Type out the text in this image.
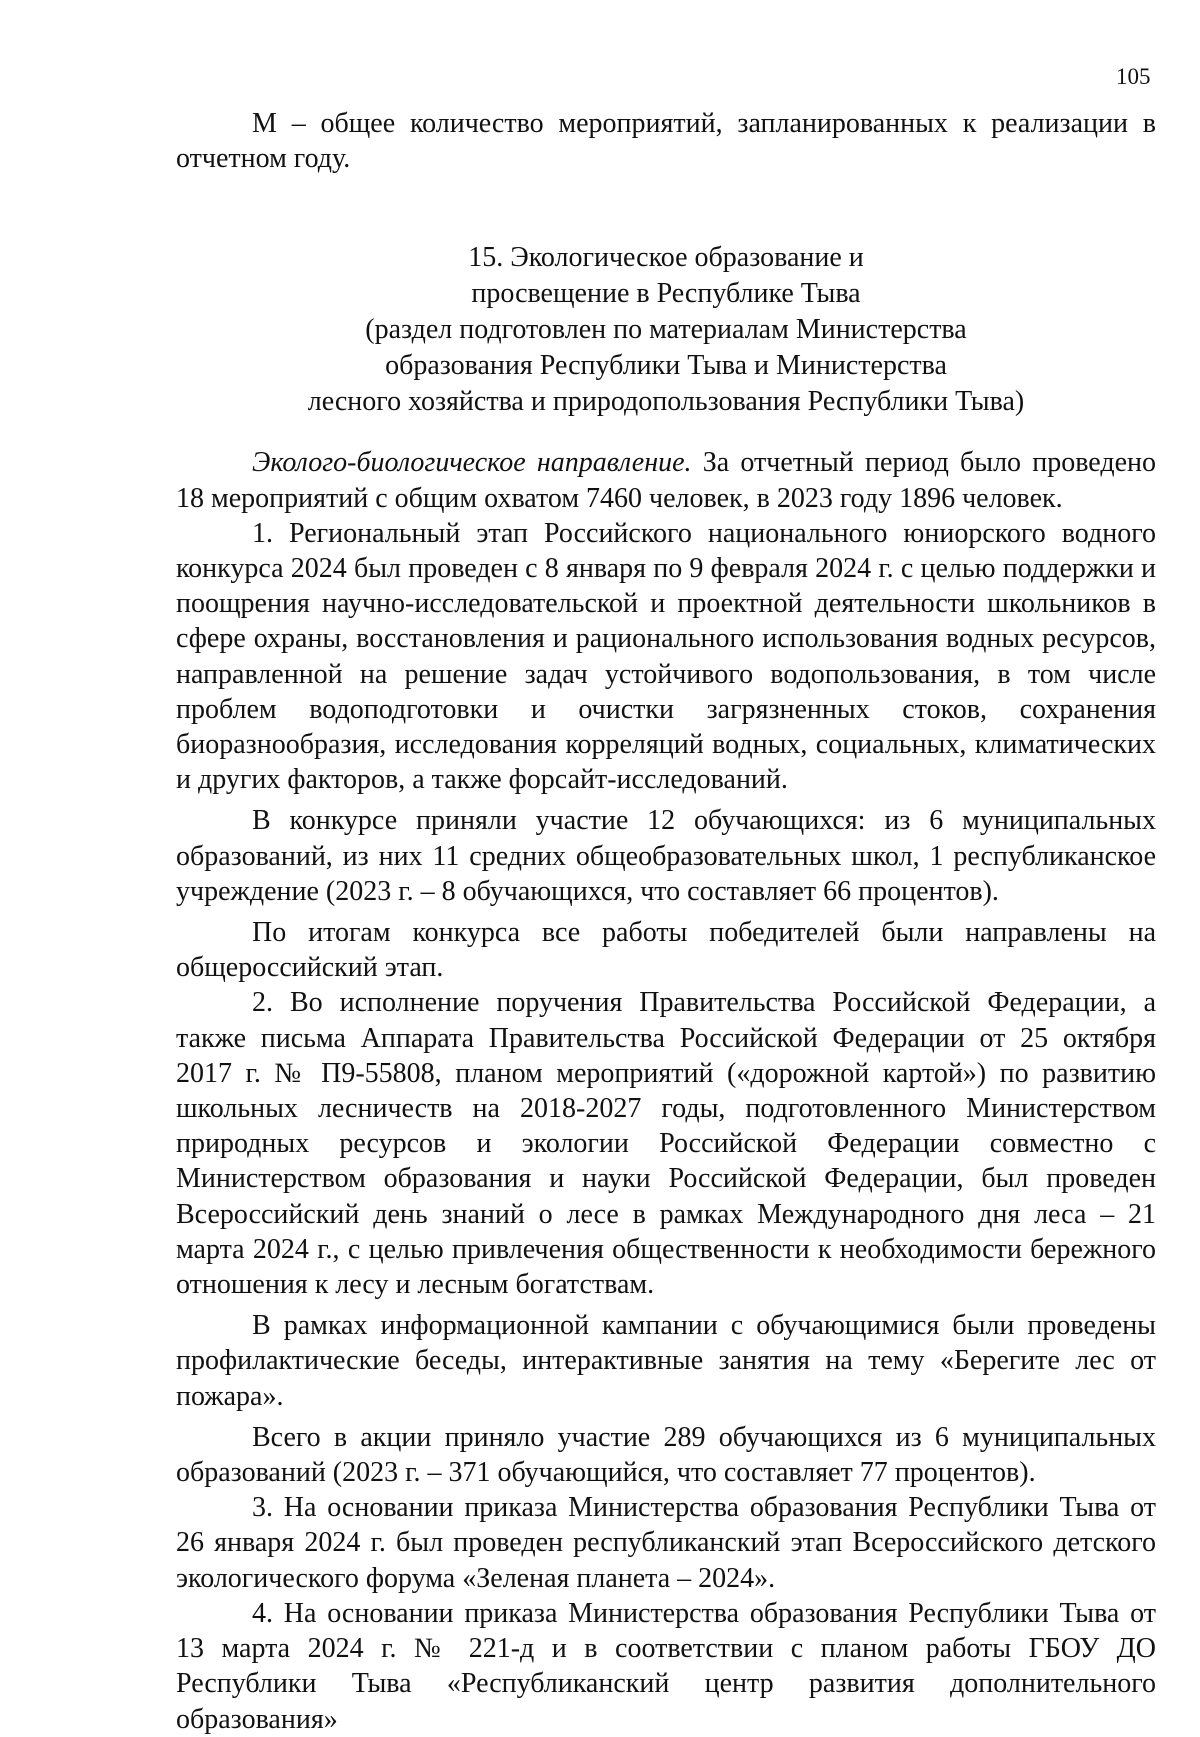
105

М – общее количество мероприятий, запланированных к реализации в отчетном году.

15. Экологическое образование и
просвещение в Республике Тыва
(раздел подготовлен по материалам Министерства
образования Республики Тыва и Министерства
лесного хозяйства и природопользования Республики Тыва)

Эколого-биологическое направление. За отчетный период было проведено 18 мероприятий с общим охватом 7460 человек, в 2023 году 1896 человек.

1. Региональный этап Российского национального юниорского водного конкурса 2024 был проведен с 8 января по 9 февраля 2024 г. с целью поддержки и поощрения научно-исследовательской и проектной деятельности школьников в сфере охраны, восстановления и рационального использования водных ресурсов, направленной на решение задач устойчивого водопользования, в том числе проблем водоподготовки и очистки загрязненных стоков, сохранения биоразнообразия, исследования корреляций водных, социальных, климатических и других факторов, а также форсайт-исследований.

В конкурсе приняли участие 12 обучающихся: из 6 муниципальных образований, из них 11 средних общеобразовательных школ, 1 республиканское учреждение (2023 г. – 8 обучающихся, что составляет 66 процентов).

По итогам конкурса все работы победителей были направлены на общероссийский этап.

2. Во исполнение поручения Правительства Российской Федерации, а также письма Аппарата Правительства Российской Федерации от 25 октября 2017 г. № П9-55808, планом мероприятий («дорожной картой») по развитию школьных лесничеств на 2018-2027 годы, подготовленного Министерством природных ресурсов и экологии Российской Федерации совместно с Министерством образования и науки Российской Федерации, был проведен Всероссийский день знаний о лесе в рамках Международного дня леса – 21 марта 2024 г., с целью привлечения общественности к необходимости бережного отношения к лесу и лесным богатствам.

В рамках информационной кампании с обучающимися были проведены профилактические беседы, интерактивные занятия на тему «Берегите лес от пожара».

Всего в акции приняло участие 289 обучающихся из 6 муниципальных образований (2023 г. – 371 обучающийся, что составляет 77 процентов).

3. На основании приказа Министерства образования Республики Тыва от 26 января 2024 г. был проведен республиканский этап Всероссийского детского экологического форума «Зеленая планета – 2024».

4. На основании приказа Министерства образования Республики Тыва от 13 марта 2024 г. № 221-д и в соответствии с планом работы ГБОУ ДО Республики Тыва «Республиканский центр развития дополнительного образования»
